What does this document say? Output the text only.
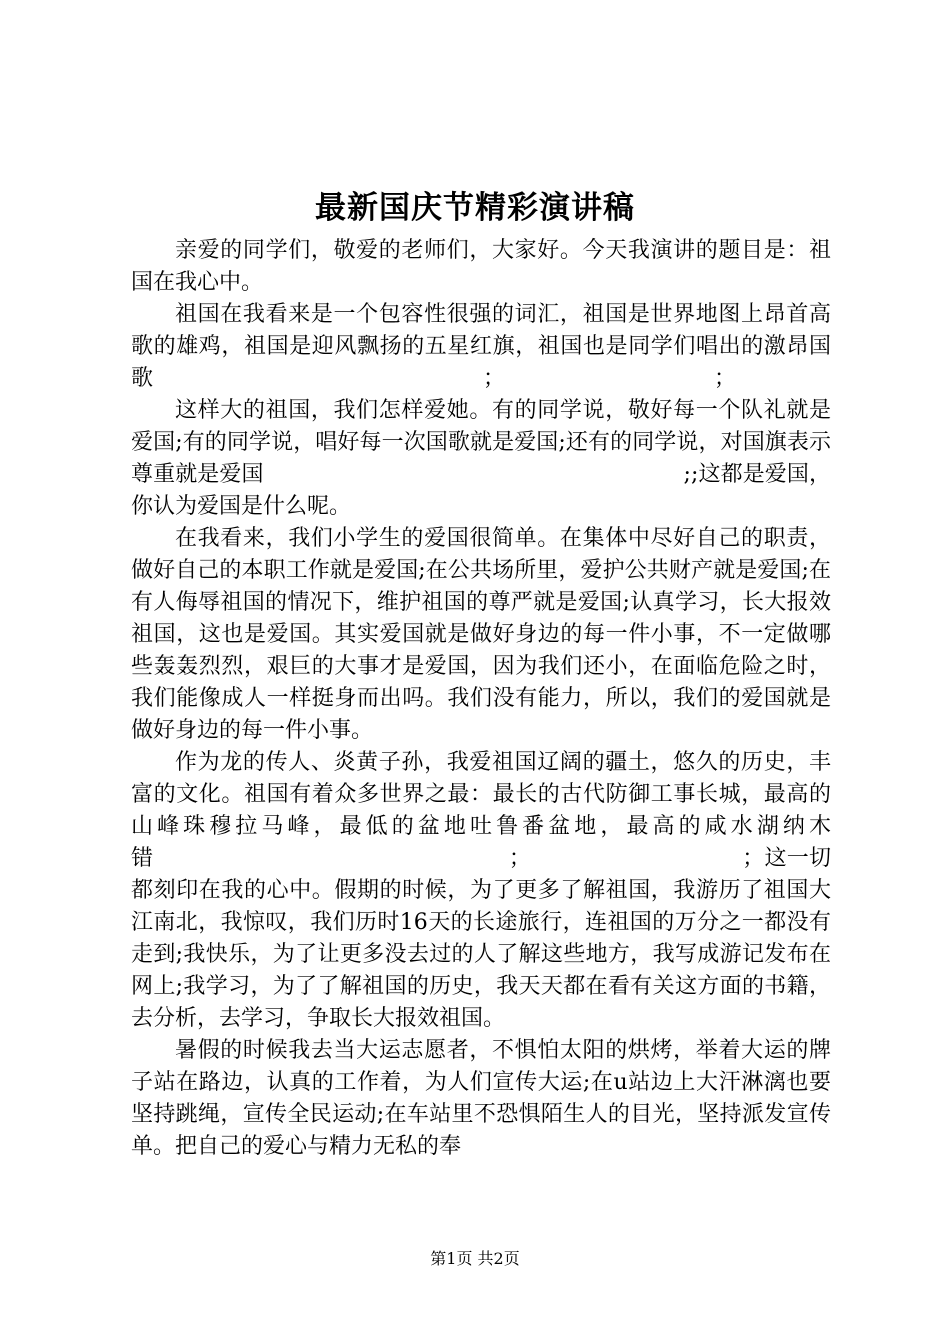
最新国庆节精彩演讲稿

亲爱的同学们，敬爱的老师们，大家好。今天我演讲的题目是：祖国在我心中。

祖国在我看来是一个包容性很强的词汇，祖国是世界地图上昂首高歌的雄鸡，祖国是迎风飘扬的五星红旗，祖国也是同学们唱出的激昂国歌　　　　　　　　　　　　　　　；　　　　　　　　　　；

这样大的祖国，我们怎样爱她。有的同学说，敬好每一个队礼就是爱国;有的同学说，唱好每一次国歌就是爱国;还有的同学说，对国旗表示尊重就是爱国　　　　　　　　　　　　　　　　　　　;;这都是爱国，你认为爱国是什么呢。

在我看来，我们小学生的爱国很简单。在集体中尽好自己的职责，做好自己的本职工作就是爱国;在公共场所里，爱护公共财产就是爱国;在有人侮辱祖国的情况下，维护祖国的尊严就是爱国;认真学习，长大报效祖国，这也是爱国。其实爱国就是做好身边的每一件小事，不一定做哪些轰轰烈烈，艰巨的大事才是爱国，因为我们还小，在面临危险之时，我们能像成人一样挺身而出吗。我们没有能力，所以，我们的爱国就是做好身边的每一件小事。

作为龙的传人、炎黄子孙，我爱祖国辽阔的疆土，悠久的历史，丰富的文化。祖国有着众多世界之最：最长的古代防御工事长城，最高的山峰珠穆拉马峰，最低的盆地吐鲁番盆地，最高的咸水湖纳木错　　　　　　　　　　　　　　　　；　　　　　　　　　　；这一切都刻印在我的心中。假期的时候，为了更多了解祖国，我游历了祖国大江南北，我惊叹，我们历时16天的长途旅行，连祖国的万分之一都没有走到;我快乐，为了让更多没去过的人了解这些地方，我写成游记发布在网上;我学习，为了了解祖国的历史，我天天都在看有关这方面的书籍，去分析，去学习，争取长大报效祖国。

暑假的时候我去当大运志愿者，不惧怕太阳的烘烤，举着大运的牌子站在路边，认真的工作着，为人们宣传大运;在u站边上大汗淋漓也要坚持跳绳，宣传全民运动;在车站里不恐惧陌生人的目光，坚持派发宣传单。把自己的爱心与精力无私的奉

第1页 共2页
